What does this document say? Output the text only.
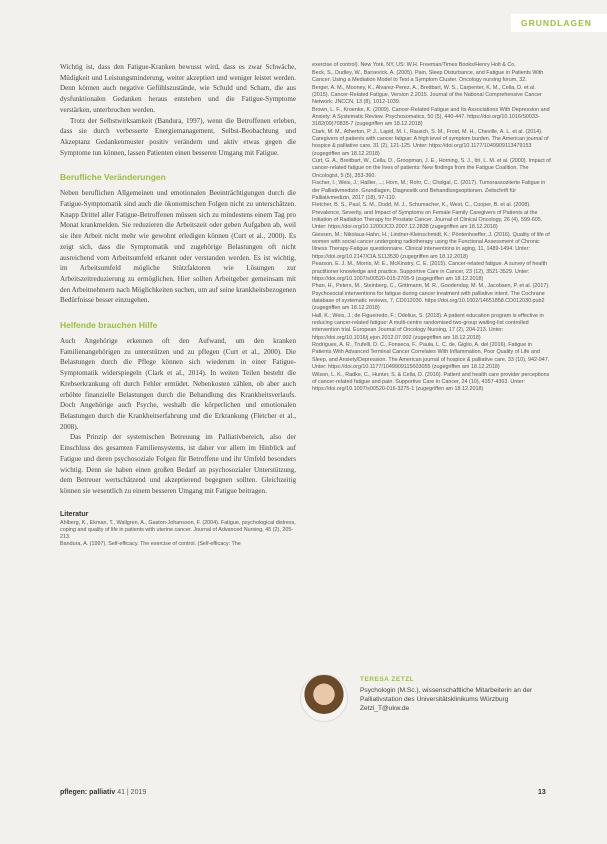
GRUNDLAGEN

Wichtig ist, dass den Fatigue-Kranken bewusst wird, dass es zwar Schwäche, Müdigkeit und Leistungsminderung, weiter akzeptiert und weniger leistet werden. Denn können auch negative Gefühlszustände, wie Schuld und Scham, die aus dysfunktionalen Gedanken heraus entstehen und die Fatigue-Symptome verstärken, unterbrochen werden.

Trotz der Selbstwirksamkeit (Bandura, 1997), wenn die Betroffenen erleben, dass sie durch verbesserte Energiemanagement, Selbst-Beobachtung und Akzeptanz Gedankenmuster positiv verändern und aktiv etwas gegen die Symptome tun können, lassen Patienten einen besseren Umgang mit Fatigue.

Berufliche Veränderungen

Neben beruflichen Allgemeinen und emotionalen Beeinträchtigungen durch die Fatigue-Symptomatik sind auch die ökonomischen Folgen nicht zu unterschätzen. Knapp Drittel aller Fatigue-Betroffenen müssen sich zu mindestens einem Tag pro Monat krankmelden. Sie reduzieren die Arbeitszeit oder geben Aufgaben ab, weil sie ihre Arbeit nicht mehr wie gewohnt erledigen können (Curt et al., 2000). Es zeigt sich, dass die Symptomatik und zugehörige Belastungen oft nicht ausreichend vom Arbeitsumfeld erkannt oder verstanden werden. Es ist wichtig, im Arbeitsumfeld mögliche Stützfaktoren wie Lösungen zur Arbeitszeitreduzierung zu ermöglichen. Hier sollten Arbeitgeber gemeinsam mit den Arbeitnehmern nach Möglichkeiten suchen, um auf seine krankheitsbezogenen Bedürfnisse besser einzugehen.

Helfende brauchen Hilfe

Auch Angehörige erkennen oft den Aufwand, um den kranken Familienangehörigen zu unterstützen und zu pflegen (Curt et al., 2000). Die Belastungen durch die Pflege können sich wiederum in einer Fatigue-Symptomatik widerspiegeln (Clark et al., 2014). In weiten Teilen besteht die Krebserkrankung oft durch Fehler ermüdet. Nebenkosten zählen, ob aber auch erhöhte finanzielle Belastungen durch die Behandlung des Krankheitsverlaufs. Doch Angehörige auch Psyche, weshalb die körperlichen und emotionalen Belastungen durch die Krankheitserfahrung und die Erkrankung (Fletcher et al., 2008).

Das Prinzip der systemischen Betreuung im Palliativbereich, also der Einschluss des gesamten Familiensystems, ist daher vor allem im Hinblick auf Fatigue und deren psychosoziale Folgen für Betroffene und ihr Umfeld besonders wichtig. Denn sie haben einen großen Bedarf an psychosozialer Unterstützung, dem Betreuer wertschätzend und akzeptierend begegnen sollten. Gleichzeitig können sie wesentlich zu einem besseren Umgang mit Fatigue beitragen.

Literatur
Ahlberg, K., Ekman, T., Wallgren, A., Gaston-Johansson, F. (2004). Fatigue, psychological distress, coping and quality of life in patients with uterine cancer. Journal of Advanced Nursing, 45 (2), 205-213.
Bandura, A. (1997). Self-efficacy. The exercise of control. (Self-efficacy: The
exercise of control). New York, NY, US: W.H. Freeman/Times Books/Henry Holt & Co.
Beck, S., Dudley, W., Barsevick, A. (2005). Pain, Sleep Disturbance, and Fatigue in Patients With Cancer: Using a Mediation Model to Test a Symptom Cluster. Oncology nursing forum, 32.
Berger, A. M., Mooney, K., Alvarez-Perez, A., Breitbart, W. S., Carpenter, K. M., Cella, D. et al. (2015). Cancer-Related Fatigue, Version 2.2015. Journal of the National Comprehensive Cancer Network: JNCCN, 13 (8), 1012-1039.
Brown, L. F., Kroenke, K. (2009). Cancer-Related Fatigue and Its Associations With Depression and Anxiety: A Systematic Review. Psychosomatics, 50 (5), 440-447. https://doi.org/10.1016/S0033-3182(09)70835-7 (zugegriffen am 18.12.2018)
Clark, M. M., Atherton, P. J., Lapid, M. I., Rausch, S. M., Frost, M. H., Cheville, A. L. et al. (2014). Caregivers of patients with cancer fatigue: A high level of symptom burden. The American journal of hospice & palliative care, 31 (2), 121-125. Unter: https://doi.org/10.1177/1049909113479153 (zugegriffen am 18.12.2018)
Curt, G. A., Breitbart, W., Cella, D., Groopman, J. E., Horning, S. J., Itri, L. M. et al. (2000). Impact of cancer-related fatigue on the lives of patients: New findings from the Fatigue Coalition. The Oncologist, 5 (5), 353-360.
Fischer, I.; Weis, J.; Hallier, ...; Horn, M.; Rohr, C.; Chelgal, C. (2017). Tumorassoziierte Fatigue in der Palliativmedizin. Grundlagen, Diagnostik und Behandlungsoptionen. Zeitschrift für Palliativmedizin, 2017 (18), 97-110.
Fletcher, B. S., Paul, S. M., Dodd, M. J., Schumacher, K., West, C., Cooper, B. et al. (2008). Prevalence, Severity, and Impact of Symptoms on Female Family Caregivers of Patients at the Initiation of Radiation Therapy for Prostate Cancer. Journal of Clinical Oncology, 26 (4), 599-605. Unter: https://doi.org/10.1200/JCO.2007.12.2838 (zugegriffen am 18.12.2018)
Giessen, M.; Nikolaus-Hahn, H.; Lindner-Kleinschmidt, K.; Pöntenhoeffer, J. (2016). Quality of life of women with social cancer undergoing radiotherapy using the Functional Assessment of Chronic Illness Therapy-Fatigue questionnaire. Clinical interventions in aging, 11, 1489-1494. Unter: https://doi.org/10.2147/CIA.S113530 (zugegriffen am 18.12.2018)
Pearson, E. J. M., Morris, M. E., McKinstry, C. E. (2015). Cancer-related fatigue. A survey of health practitioner knowledge and practice. Supportive Care in Cancer, 23 (12), 3521-3529. Unter: https://doi.org/10.1007/s00520-015-2705-9 (zugegriffen am 18.12.2018)
Phan, H., Peters, M., Steinberg, C., Göttmann, M. R., Goodenday, M. M., Jacobsen, P. et al. (2017). Psychosocial interventions for fatigue during cancer treatment with palliative intent. The Cochrane database of systematic reviews, 7, CD012030. https://doi.org/10.1002/14651858.CD012030.pub2 (zugegriffen am 18.12.2018)
Hall, K.; Weis, J.; de Figueiredo, F.; Odelius, S. (2018). A patient education program is effective in reducing cancer-related fatigue: A multi-centre randomised two-group waiting-list controlled intervention trial. European Journal of Oncology Nursing, 17 (2), 204-213. Unter: https://doi.org/10.1016/j.ejon.2012.07.002 (zugegriffen am 18.12.2018)
Rodrigues, A. R., Trufelli, D. C., Fonseca, F., Paula, L. C. de, Giglio, A. del (2016). Fatigue in Patients With Advanced Terminal Cancer Correlates With Inflammation, Poor Quality of Life and Sleep, and Anxiety/Depression. The American journal of hospice & palliative care, 33 (10), 942-947. Unter: https://doi.org/10.1177/1049909115603055 (zugegriffen am 18.12.2018)
Wilson, L. K., Radke, C., Hunter, S. & Cella, D. (2016). Patient and health care provider perceptions of cancer-related fatigue and pain. Supportive Care in Cancer, 24 (10), 4357-4363. Unter: https://doi.org/10.1007/s00520-016-3275-1 (zugegriffen am 18.12.2018)
TERESA ZETZL
Psychologin (M.Sc.), wissenschaftliche Mitarbeiterin an der Palliativstation des Universitätsklinikums Würzburg
Zetzl_T@ukw.de
pflegen: palliativ 41 | 2019	13
